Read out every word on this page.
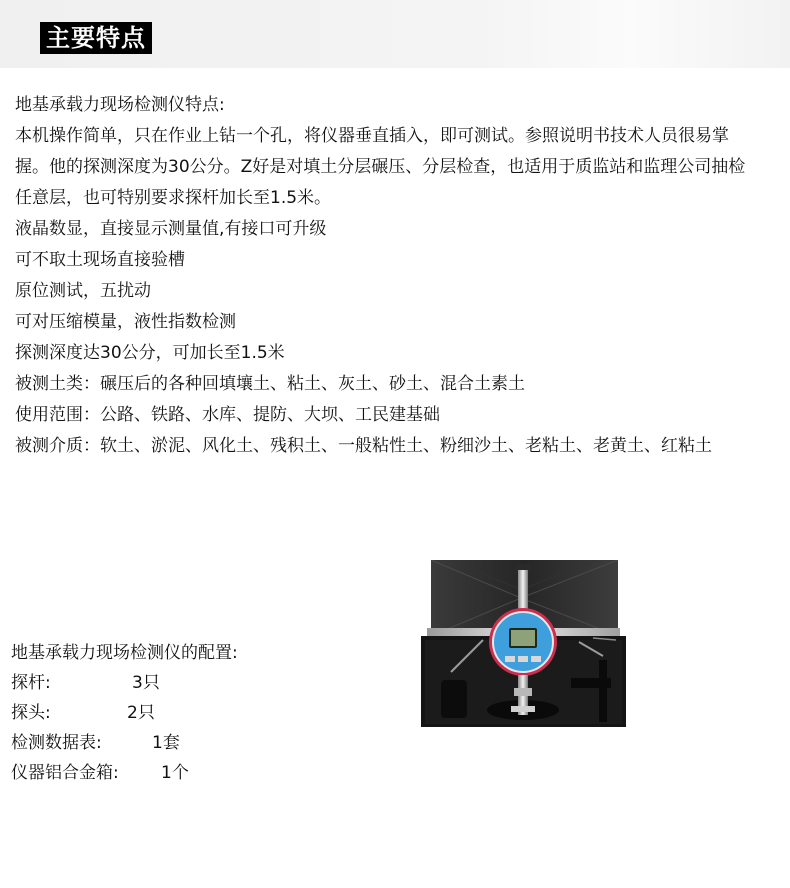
主要特点

地基承载力现场检测仪特点:

本机操作简单，只在作业上钻一个孔，将仪器垂直插入，即可测试。参照说明书技术人员很易掌握。他的探测深度为30公分。Z好是对填土分层碾压、分层检查，也适用于质监站和监理公司抽检任意层，也可特别要求探杆加长至1.5米。

液晶数显，直接显示测量值,有接口可升级

可不取土现场直接验槽

原位测试，五扰动

可对压缩模量，液性指数检测

探测深度达30公分，可加长至1.5米

被测土类：碾压后的各种回填壤土、粘土、灰土、砂土、混合土素土

使用范围：公路、铁路、水库、提防、大坝、工民建基础

被测介质：软土、淤泥、风化土、残积土、一般粘性土、粉细沙土、老粘土、老黄土、红粘土

地基承载力现场检测仪的配置:

探杆:	3只
探头:	2只
检测数据表:	1套
仪器铝合金箱: 1个
